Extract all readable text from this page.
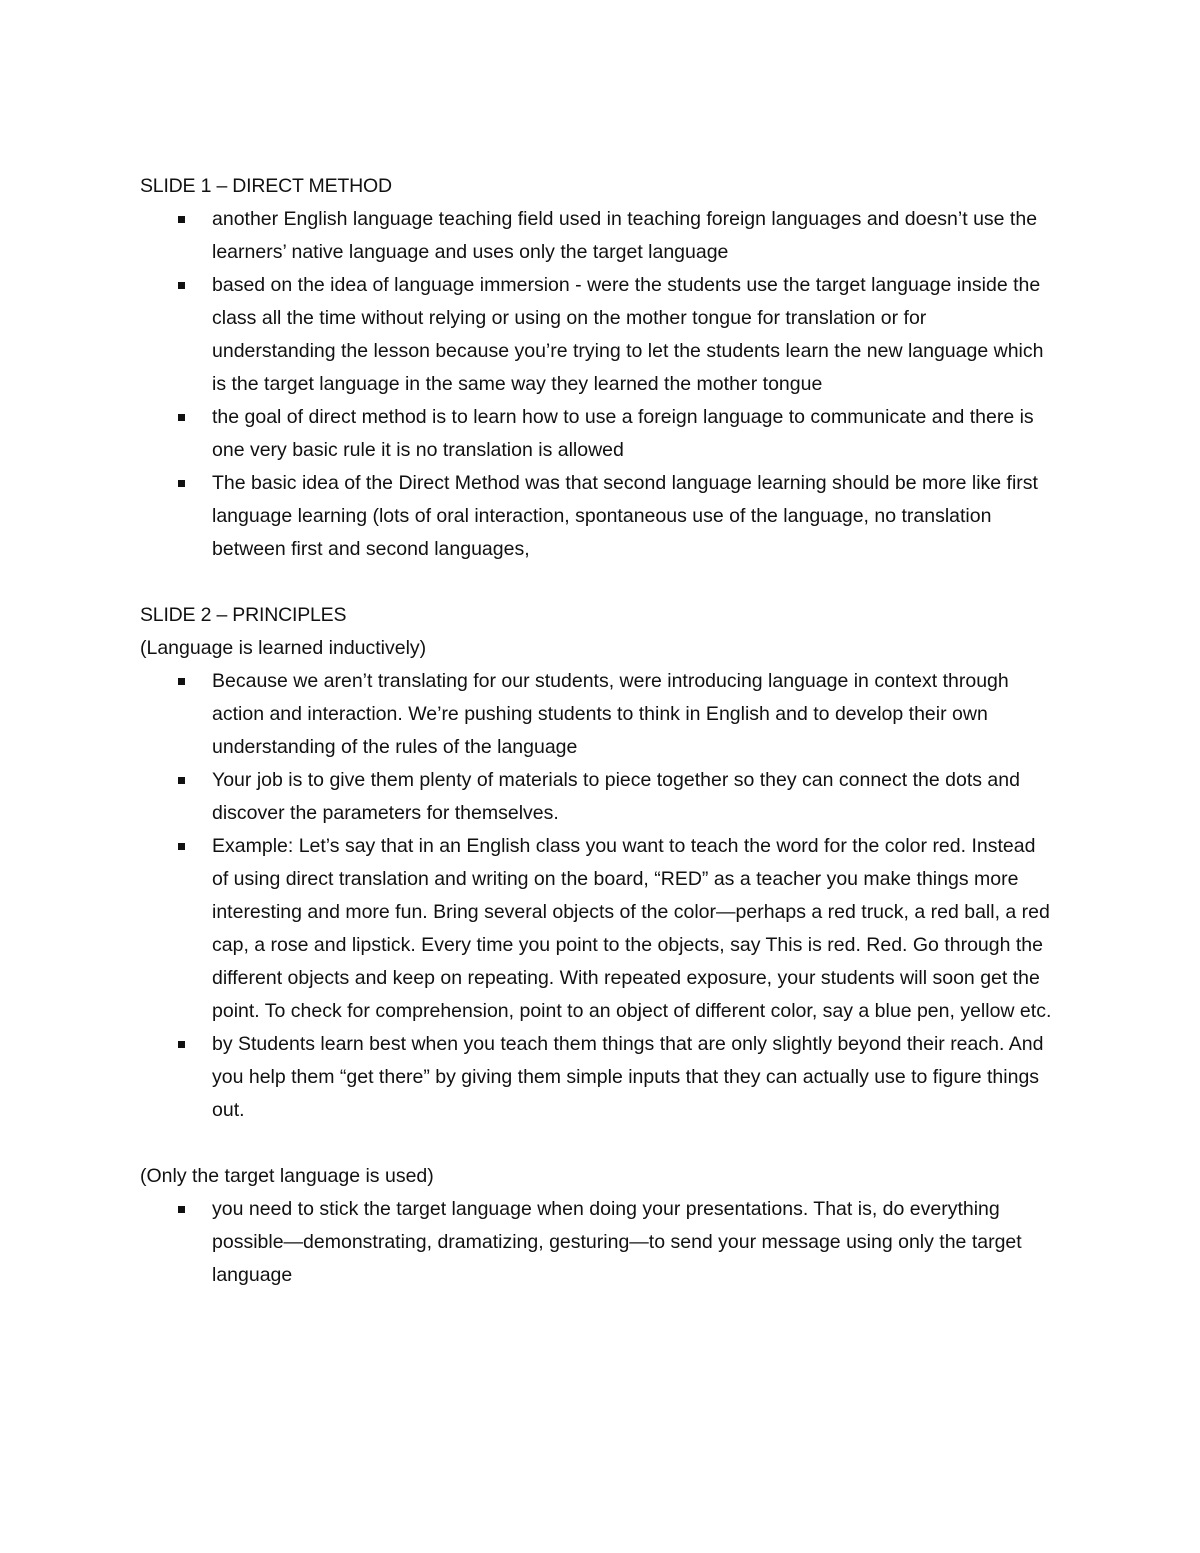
SLIDE 1 – DIRECT METHOD
another English language teaching field used in teaching foreign languages and doesn’t use the learners’ native language and uses only the target language
based on the idea of language immersion - were the students use the target language inside the class all the time without relying or using on the mother tongue for translation or for understanding the lesson because you’re trying to let the students learn the new language which is the target language in the same way they learned the mother tongue
the goal of direct method is to learn how to use a foreign language to communicate and there is one very basic rule it is no translation is allowed
The basic idea of the Direct Method was that second language learning should be more like first language learning (lots of oral interaction, spontaneous use of the language, no translation between first and second languages,
SLIDE 2 – PRINCIPLES
(Language is learned inductively)
Because we aren’t translating for our students, were introducing language in context through action and interaction. We’re pushing students to think in English and to develop their own understanding of the rules of the language
Your job is to give them plenty of materials to piece together so they can connect the dots and discover the parameters for themselves.
Example: Let’s say that in an English class you want to teach the word for the color red. Instead of using direct translation and writing on the board, “RED” as a teacher you make things more interesting and more fun. Bring several objects of the color—perhaps a red truck, a red ball, a red cap, a rose and lipstick. Every time you point to the objects, say This is red. Red. Go through the different objects and keep on repeating. With repeated exposure, your students will soon get the point. To check for comprehension, point to an object of different color, say a blue pen, yellow etc.
by Students learn best when you teach them things that are only slightly beyond their reach. And you help them “get there” by giving them simple inputs that they can actually use to figure things out.
(Only the target language is used)
you need to stick the target language when doing your presentations. That is, do everything possible—demonstrating, dramatizing, gesturing—to send your message using only the target language
